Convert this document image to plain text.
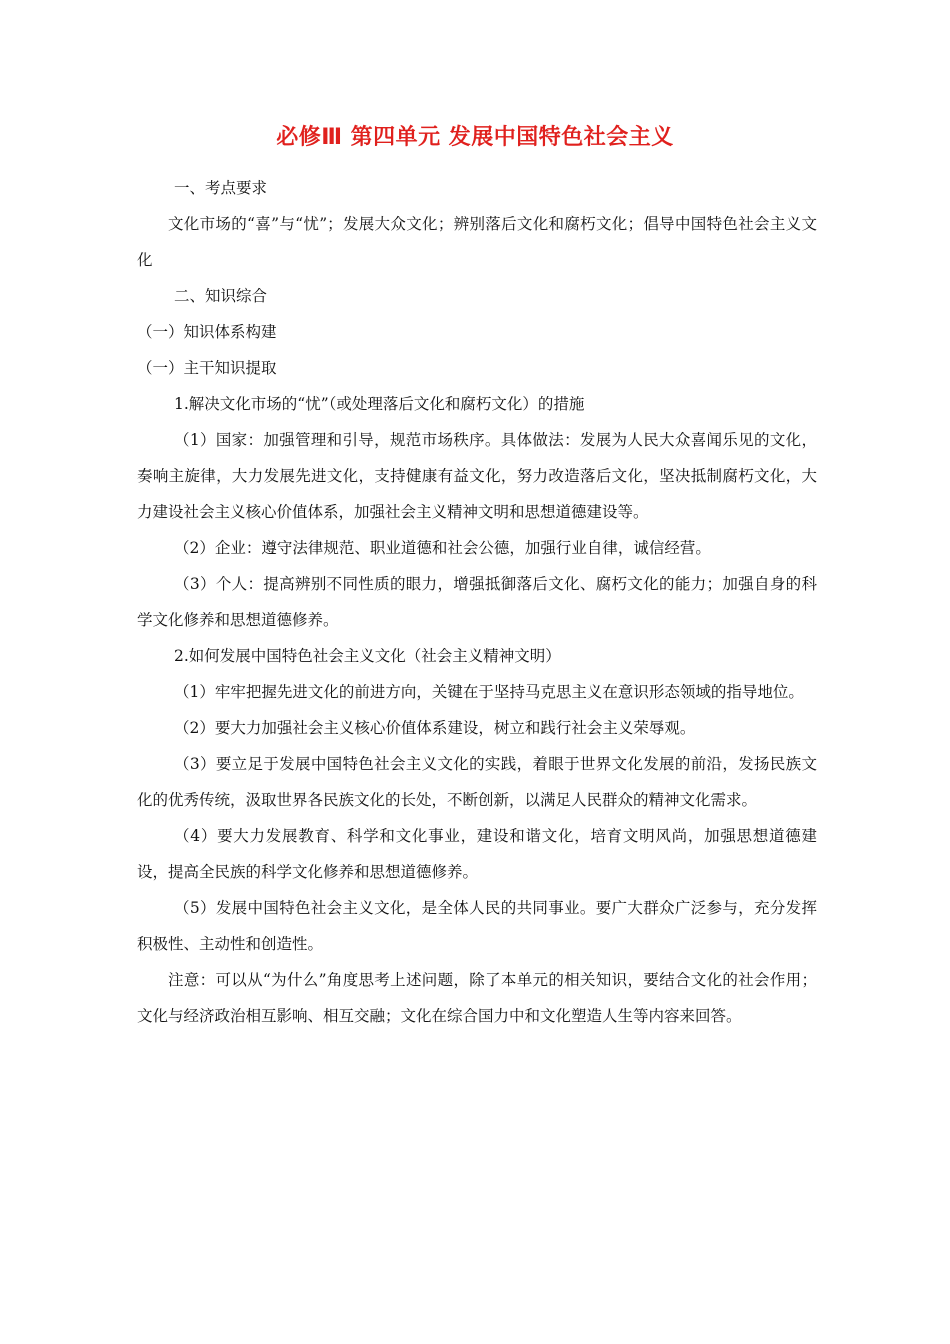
必修Ⅲ 第四单元 发展中国特色社会主义

一、考点要求

文化市场的“喜”与“忧”；发展大众文化；辨别落后文化和腐朽文化；倡导中国特色社会主义文化

二、知识综合

（一）知识体系构建

（一）主干知识提取

1.解决文化市场的“忧”（或处理落后文化和腐朽文化）的措施

（1）国家：加强管理和引导，规范市场秩序。具体做法：发展为人民大众喜闻乐见的文化，奏响主旋律，大力发展先进文化，支持健康有益文化，努力改造落后文化，坚决抵制腐朽文化，大力建设社会主义核心价值体系，加强社会主义精神文明和思想道德建设等。

（2）企业：遵守法律规范、职业道德和社会公德，加强行业自律，诚信经营。

（3）个人：提高辨别不同性质的眼力，增强抵御落后文化、腐朽文化的能力；加强自身的科学文化修养和思想道德修养。

2.如何发展中国特色社会主义文化（社会主义精神文明）

（1）牢牢把握先进文化的前进方向，关键在于坚持马克思主义在意识形态领域的指导地位。

（2）要大力加强社会主义核心价值体系建设，树立和践行社会主义荣辱观。

（3）要立足于发展中国特色社会主义文化的实践，着眼于世界文化发展的前沿，发扬民族文化的优秀传统，汲取世界各民族文化的长处，不断创新，以满足人民群众的精神文化需求。

（4）要大力发展教育、科学和文化事业，建设和谐文化，培育文明风尚，加强思想道德建设，提高全民族的科学文化修养和思想道德修养。

（5）发展中国特色社会主义文化，是全体人民的共同事业。要广大群众广泛参与，充分发挥积极性、主动性和创造性。

注意：可以从“为什么”角度思考上述问题，除了本单元的相关知识，要结合文化的社会作用；文化与经济政治相互影响、相互交融；文化在综合国力中和文化塑造人生等内容来回答。
